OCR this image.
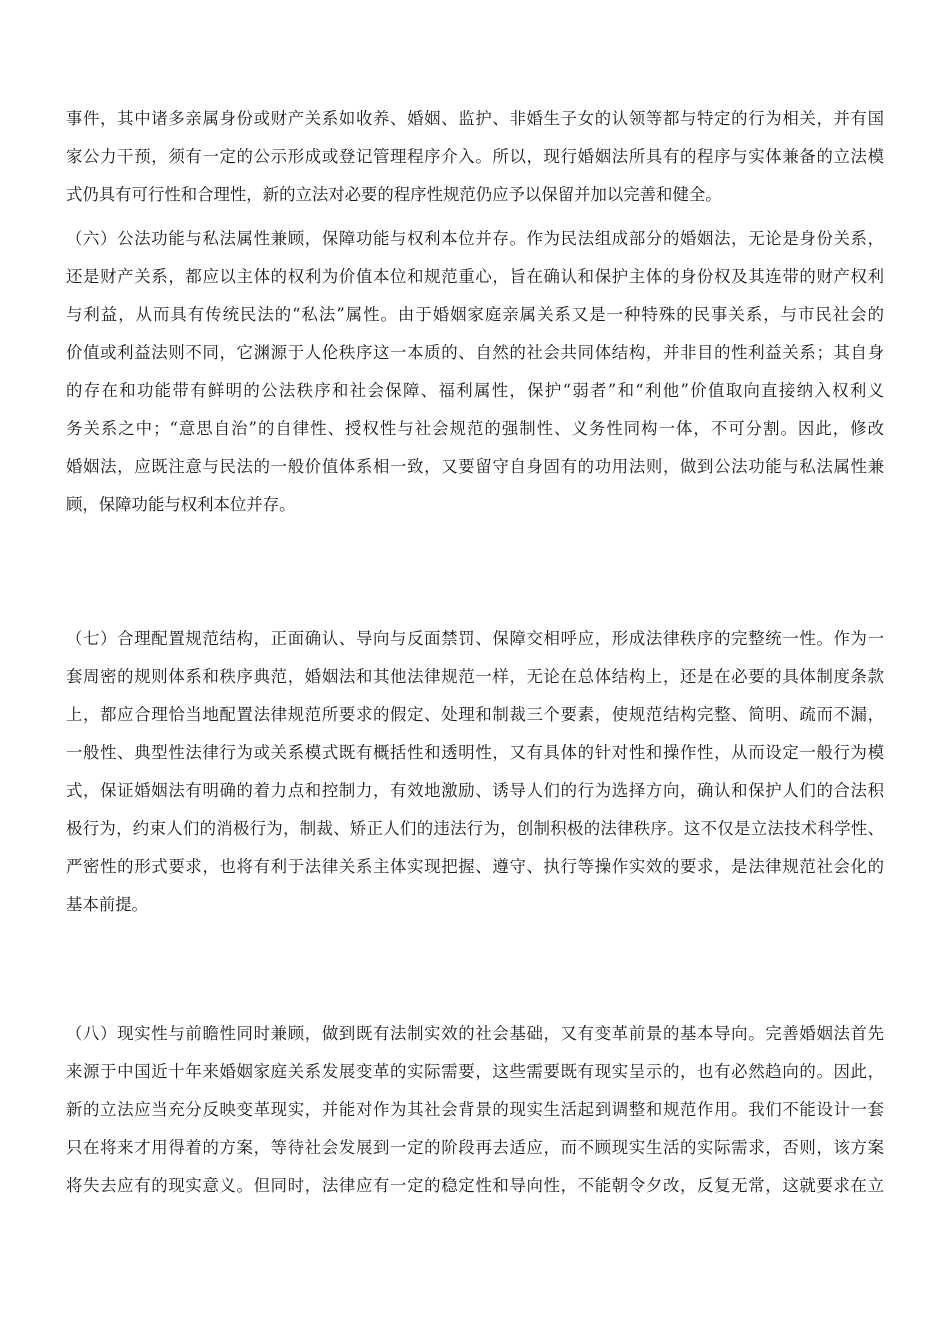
事件，其中诸多亲属身份或财产关系如收养、婚姻、监护、非婚生子女的认领等都与特定的行为相关，并有国
家公力干预，须有一定的公示形成或登记管理程序介入。所以，现行婚姻法所具有的程序与实体兼备的立法模
式仍具有可行性和合理性，新的立法对必要的程序性规范仍应予以保留并加以完善和健全。
（六）公法功能与私法属性兼顾，保障功能与权利本位并存。作为民法组成部分的婚姻法，无论是身份关系，
还是财产关系，都应以主体的权利为价值本位和规范重心，旨在确认和保护主体的身份权及其连带的财产权利
与利益，从而具有传统民法的“私法”属性。由于婚姻家庭亲属关系又是一种特殊的民事关系，与市民社会的
价值或利益法则不同，它渊源于人伦秩序这一本质的、自然的社会共同体结构，并非目的性利益关系；其自身
的存在和功能带有鲜明的公法秩序和社会保障、福利属性，保护“弱者”和“利他”价值取向直接纳入权利义
务关系之中；“意思自治”的自律性、授权性与社会规范的强制性、义务性同构一体，不可分割。因此，修改
婚姻法，应既注意与民法的一般价值体系相一致，又要留守自身固有的功用法则，做到公法功能与私法属性兼
顾，保障功能与权利本位并存。
（七）合理配置规范结构，正面确认、导向与反面禁罚、保障交相呼应，形成法律秩序的完整统一性。作为一
套周密的规则体系和秩序典范，婚姻法和其他法律规范一样，无论在总体结构上，还是在必要的具体制度条款
上，都应合理恰当地配置法律规范所要求的假定、处理和制裁三个要素，使规范结构完整、简明、疏而不漏，
一般性、典型性法律行为或关系模式既有概括性和透明性，又有具体的针对性和操作性，从而设定一般行为模
式，保证婚姻法有明确的着力点和控制力，有效地激励、诱导人们的行为选择方向，确认和保护人们的合法积
极行为，约束人们的消极行为，制裁、矫正人们的违法行为，创制积极的法律秩序。这不仅是立法技术科学性、
严密性的形式要求，也将有利于法律关系主体实现把握、遵守、执行等操作实效的要求，是法律规范社会化的
基本前提。
（八）现实性与前瞻性同时兼顾，做到既有法制实效的社会基础，又有变革前景的基本导向。完善婚姻法首先
来源于中国近十年来婚姻家庭关系发展变革的实际需要，这些需要既有现实呈示的，也有必然趋向的。因此，
新的立法应当充分反映变革现实，并能对作为其社会背景的现实生活起到调整和规范作用。我们不能设计一套
只在将来才用得着的方案，等待社会发展到一定的阶段再去适应，而不顾现实生活的实际需求，否则，该方案
将失去应有的现实意义。但同时，法律应有一定的稳定性和导向性，不能朝令夕改，反复无常，这就要求在立
